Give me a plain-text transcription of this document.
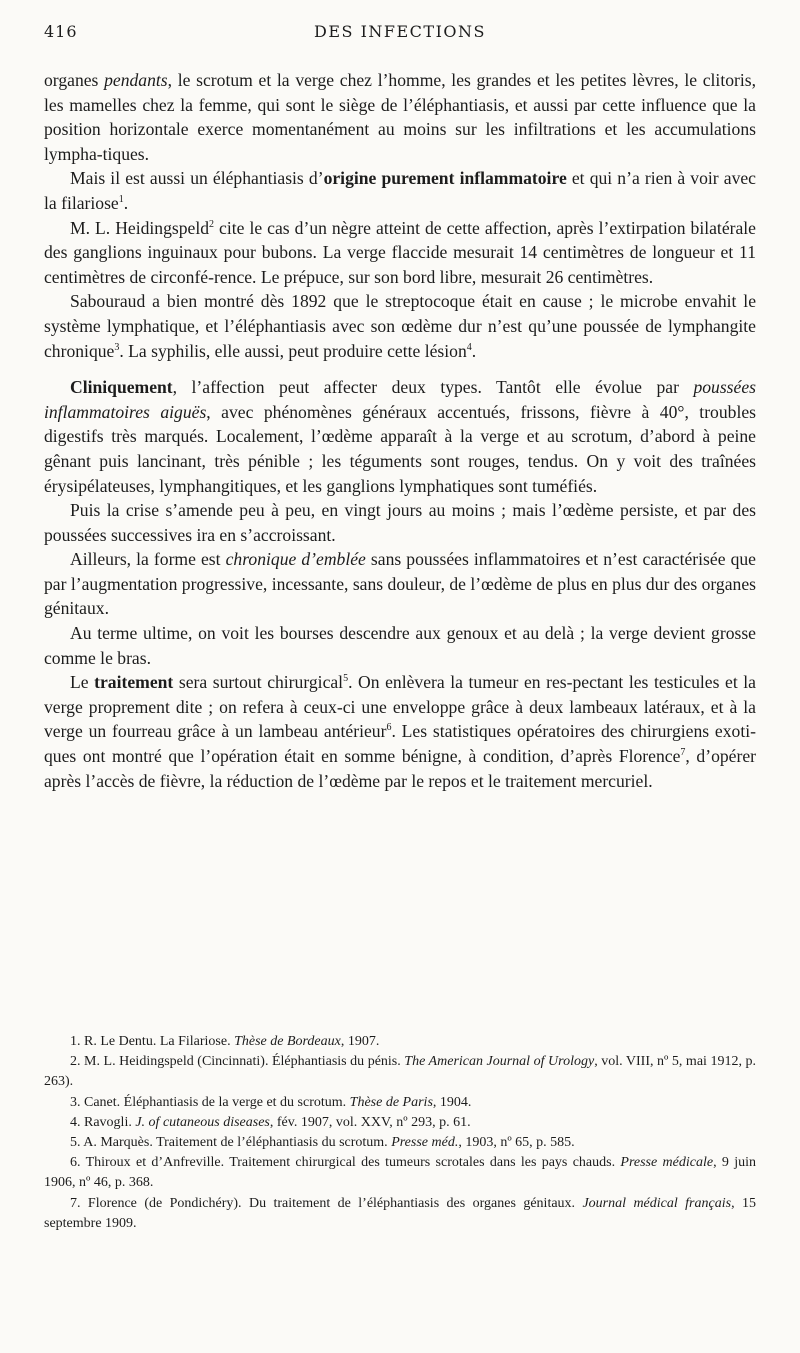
416	DES INFECTIONS

organes pendants, le scrotum et la verge chez l’homme, les grandes et les petites lèvres, le clitoris, les mamelles chez la femme, qui sont le siège de l’éléphantiasis, et aussi par cette influence que la position horizontale exerce momentanément au moins sur les infiltrations et les accumulations lympha-tiques.

Mais il est aussi un éléphantiasis d’origine purement inflammatoire et qui n’a rien à voir avec la filariose$^1$.

M. L. Heidingspeld$^2$ cite le cas d’un nègre atteint de cette affection, après l’extirpation bilatérale des ganglions inguinaux pour bubons. La verge flaccide mesurait 14 centimètres de longueur et 11 centimètres de circonfé-rence. Le prépuce, sur son bord libre, mesurait 26 centimètres.

Sabouraud a bien montré dès 1892 que le streptocoque était en cause ; le microbe envahit le système lymphatique, et l’éléphantiasis avec son œdème dur n’est qu’une poussée de lymphangite chronique$^3$. La syphilis, elle aussi, peut produire cette lésion$^4$.

Cliniquement, l’affection peut affecter deux types. Tantôt elle évolue par poussées inflammatoires aiguës, avec phénomènes généraux accentués, frissons, fièvre à 40°, troubles digestifs très marqués. Localement, l’œdème apparaît à la verge et au scrotum, d’abord à peine gênant puis lancinant, très pénible ; les téguments sont rouges, tendus. On y voit des traînées érysipélateuses, lymphangitiques, et les ganglions lymphatiques sont tuméfiés.

Puis la crise s’amende peu à peu, en vingt jours au moins ; mais l’œdème persiste, et par des poussées successives ira en s’accroissant.

Ailleurs, la forme est chronique d’emblée sans poussées inflammatoires et n’est caractérisée que par l’augmentation progressive, incessante, sans douleur, de l’œdème de plus en plus dur des organes génitaux.

Au terme ultime, on voit les bourses descendre aux genoux et au delà ; la verge devient grosse comme le bras.

Le traitement sera surtout chirurgical$^5$. On enlèvera la tumeur en res-pectant les testicules et la verge proprement dite ; on refera à ceux-ci une enveloppe grâce à deux lambeaux latéraux, et à la verge un fourreau grâce à un lambeau antérieur$^6$. Les statistiques opératoires des chirurgiens exoti-ques ont montré que l’opération était en somme bénigne, à condition, d’après Florence$^7$, d’opérer après l’accès de fièvre, la réduction de l’œdème par le repos et le traitement mercuriel.

1. R. Le Dentu. La Filariose. Thèse de Bordeaux, 1907.

2. M. L. Heidingspeld (Cincinnati). Éléphantiasis du pénis. The American Journal of Urology, vol. VIII, nº 5, mai 1912, p. 263).

3. Canet. Éléphantiasis de la verge et du scrotum. Thèse de Paris, 1904.

4. Ravogli. J. of cutaneous diseases, fév. 1907, vol. XXV, nº 293, p. 61.

5. A. Marquès. Traitement de l’éléphantiasis du scrotum. Presse méd., 1903, nº 65, p. 585.

6. Thiroux et d’Anfreville. Traitement chirurgical des tumeurs scrotales dans les pays chauds. Presse médicale, 9 juin 1906, nº 46, p. 368.

7. Florence (de Pondichéry). Du traitement de l’éléphantiasis des organes génitaux. Journal médical français, 15 septembre 1909.
